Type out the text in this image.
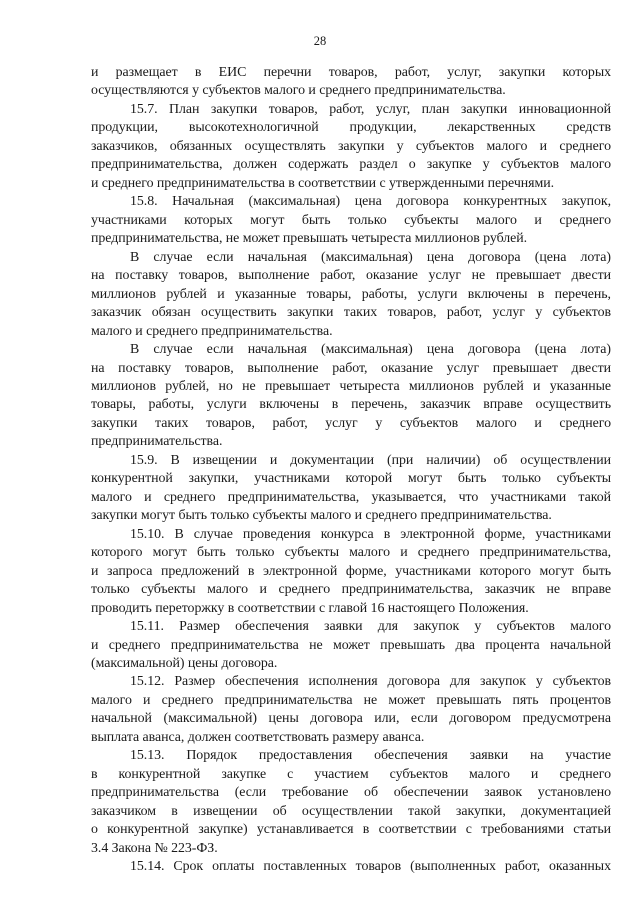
28
и размещает в ЕИС перечни товаров, работ, услуг, закупки которых
осуществляются у субъектов малого и среднего предпринимательства.
15.7. План закупки товаров, работ, услуг, план закупки инновационной
продукции, высокотехнологичной продукции, лекарственных средств
заказчиков, обязанных осуществлять закупки у субъектов малого и среднего
предпринимательства, должен содержать раздел о закупке у субъектов малого
и среднего предпринимательства в соответствии с утвержденными перечнями.
15.8. Начальная (максимальная) цена договора конкурентных закупок,
участниками которых могут быть только субъекты малого и среднего
предпринимательства, не может превышать четыреста миллионов рублей.
В случае если начальная (максимальная) цена договора (цена лота)
на поставку товаров, выполнение работ, оказание услуг не превышает двести
миллионов рублей и указанные товары, работы, услуги включены в перечень,
заказчик обязан осуществить закупки таких товаров, работ, услуг у субъектов
малого и среднего предпринимательства.
В случае если начальная (максимальная) цена договора (цена лота)
на поставку товаров, выполнение работ, оказание услуг превышает двести
миллионов рублей, но не превышает четыреста миллионов рублей и указанные
товары, работы, услуги включены в перечень, заказчик вправе осуществить
закупки таких товаров, работ, услуг у субъектов малого и среднего
предпринимательства.
15.9. В извещении и документации (при наличии) об осуществлении
конкурентной закупки, участниками которой могут быть только субъекты
малого и среднего предпринимательства, указывается, что участниками такой
закупки могут быть только субъекты малого и среднего предпринимательства.
15.10. В случае проведения конкурса в электронной форме, участниками
которого могут быть только субъекты малого и среднего предпринимательства,
и запроса предложений в электронной форме, участниками которого могут быть
только субъекты малого и среднего предпринимательства, заказчик не вправе
проводить переторжку в соответствии с главой 16 настоящего Положения.
15.11. Размер обеспечения заявки для закупок у субъектов малого
и среднего предпринимательства не может превышать два процента начальной
(максимальной) цены договора.
15.12. Размер обеспечения исполнения договора для закупок у субъектов
малого и среднего предпринимательства не может превышать пять процентов
начальной (максимальной) цены договора или, если договором предусмотрена
выплата аванса, должен соответствовать размеру аванса.
15.13. Порядок предоставления обеспечения заявки на участие
в конкурентной закупке с участием субъектов малого и среднего
предпринимательства (если требование об обеспечении заявок установлено
заказчиком в извещении об осуществлении такой закупки, документацией
о конкурентной закупке) устанавливается в соответствии с требованиями статьи
3.4 Закона № 223-ФЗ.
15.14. Срок оплаты поставленных товаров (выполненных работ, оказанных
